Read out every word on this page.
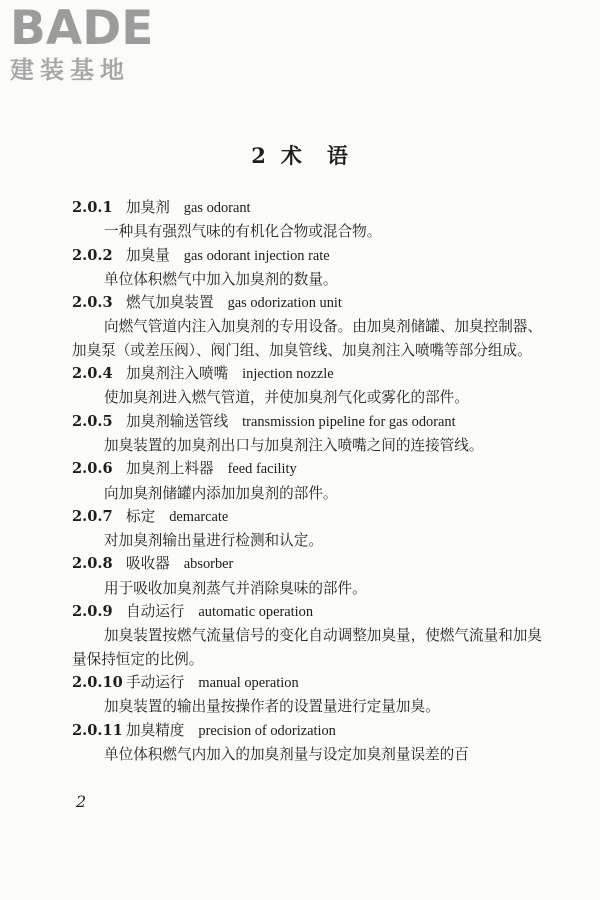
BADE
建装基地
2 术 语
2.0.1 加臭剂 gas odorant
一种具有强烈气味的有机化合物或混合物。
2.0.2 加臭量 gas odorant injection rate
单位体积燃气中加入加臭剂的数量。
2.0.3 燃气加臭装置 gas odorization unit
向燃气管道内注入加臭剂的专用设备。由加臭剂储罐、加臭控制器、加臭泵（或差压阀）、阀门组、加臭管线、加臭剂注入喷嘴等部分组成。
2.0.4 加臭剂注入喷嘴 injection nozzle
使加臭剂进入燃气管道，并使加臭剂气化或雾化的部件。
2.0.5 加臭剂输送管线 transmission pipeline for gas odorant
加臭装置的加臭剂出口与加臭剂注入喷嘴之间的连接管线。
2.0.6 加臭剂上料器 feed facility
向加臭剂储罐内添加加臭剂的部件。
2.0.7 标定 demarcate
对加臭剂输出量进行检测和认定。
2.0.8 吸收器 absorber
用于吸收加臭剂蒸气并消除臭味的部件。
2.0.9 自动运行 automatic operation
加臭装置按燃气流量信号的变化自动调整加臭量，使燃气流量和加臭量保持恒定的比例。
2.0.10 手动运行 manual operation
加臭装置的输出量按操作者的设置量进行定量加臭。
2.0.11 加臭精度 precision of odorization
单位体积燃气内加入的加臭剂量与设定加臭剂量误差的百
2
